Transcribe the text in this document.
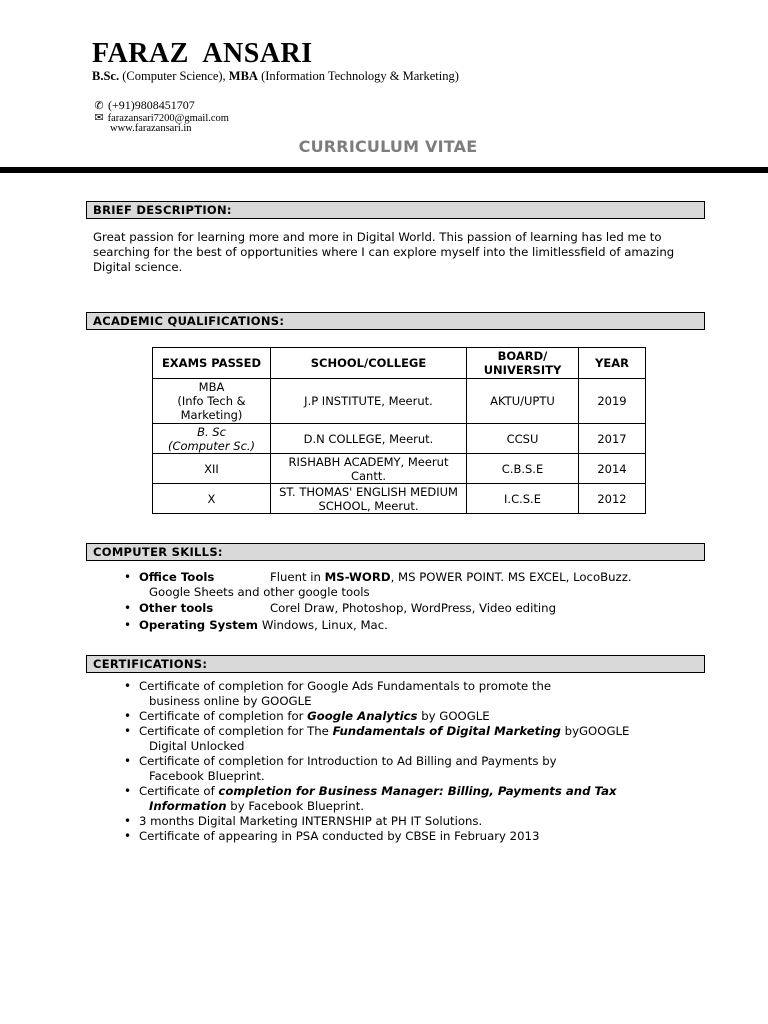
FARAZ  ANSARI
B.Sc. (Computer Science), MBA (Information Technology & Marketing)
✆ (+91)9808451707
✉ farazansari7200@gmail.com
www.farazansari.in
CURRICULUM VITAE
BRIEF DESCRIPTION:
Great passion for learning more and more in Digital World. This passion of learning has led me to searching for the best of opportunities where I can explore myself into the limitlessfield of amazing Digital science.
ACADEMIC QUALIFICATIONS:
EXAMS PASSED	SCHOOL/COLLEGE	BOARD/ UNIVERSITY	YEAR
MBA
(Info Tech & Marketing)	J.P INSTITUTE, Meerut.	AKTU/UPTU	2019
B. Sc
(Computer Sc.)	D.N COLLEGE, Meerut.	CCSU	2017
XII	RISHABH ACADEMY, Meerut Cantt.	C.B.S.E	2014
X	ST. THOMAS' ENGLISH MEDIUM SCHOOL, Meerut.	I.C.S.E	2012
COMPUTER SKILLS:
• Office Tools	Fluent in MS-WORD, MS POWER POINT. MS EXCEL, LocoBuzz.
Google Sheets and other google tools
• Other tools	Corel Draw, Photoshop, WordPress, Video editing
• Operating System Windows, Linux, Mac.
CERTIFICATIONS:
• Certificate of completion for Google Ads Fundamentals to promote the
business online by GOOGLE
• Certificate of completion for Google Analytics by GOOGLE
• Certificate of completion for The Fundamentals of Digital Marketing byGOOGLE
Digital Unlocked
• Certificate of completion for Introduction to Ad Billing and Payments by
Facebook Blueprint.
• Certificate of completion for Business Manager: Billing, Payments and Tax
Information by Facebook Blueprint.
• 3 months Digital Marketing INTERNSHIP at PH IT Solutions.
• Certificate of appearing in PSA conducted by CBSE in February 2013
